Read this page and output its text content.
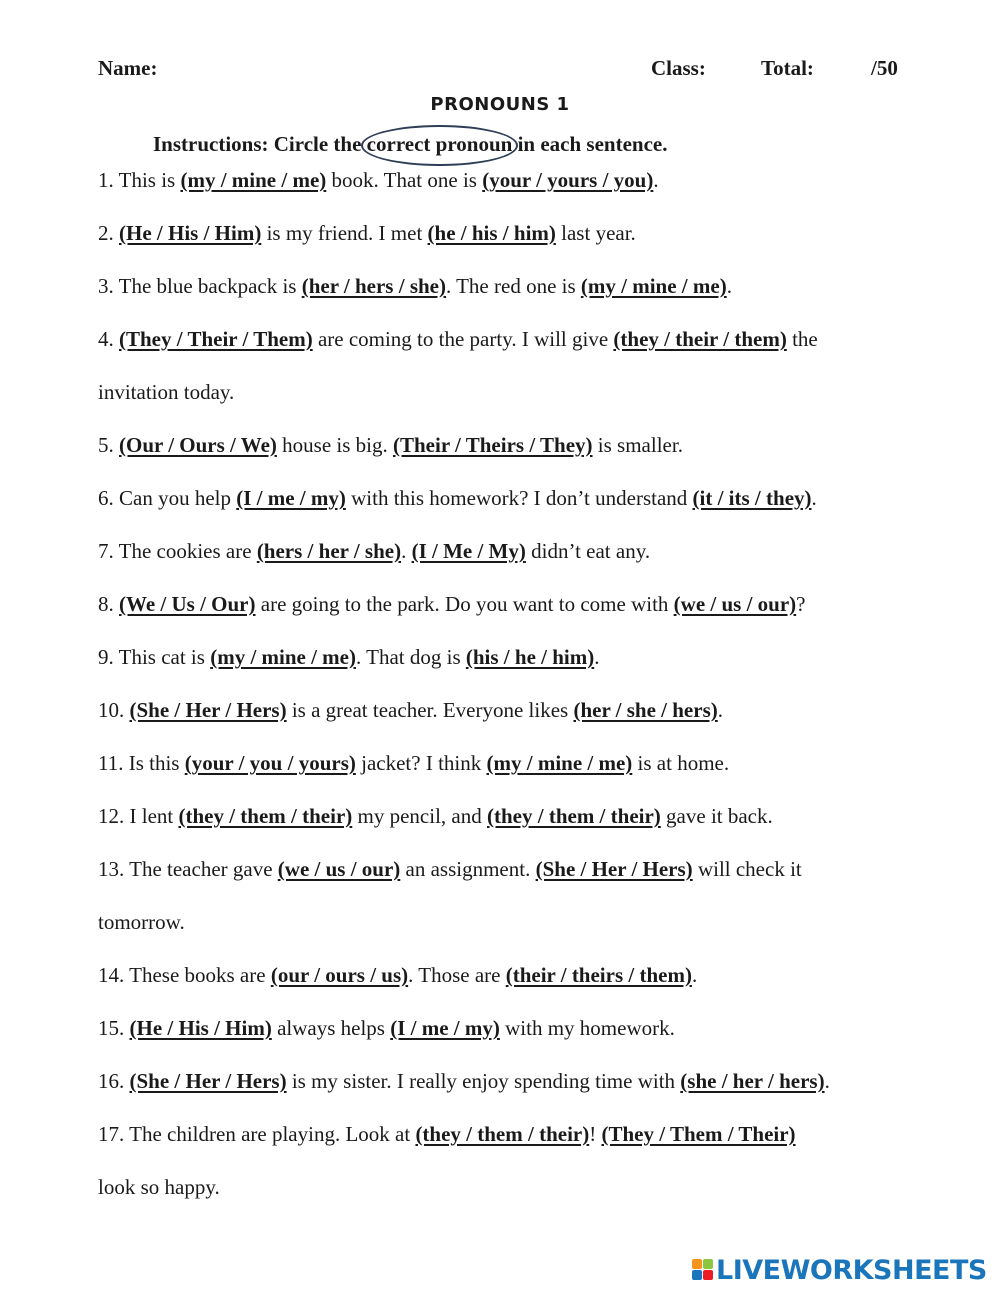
Name:	Class:	Total:	/50
PRONOUNS 1
Instructions: Circle the correct pronoun in each sentence.
1. This is (my / mine / me) book. That one is (your / yours / you).
2. (He / His / Him) is my friend. I met (he / his / him) last year.
3. The blue backpack is (her / hers / she). The red one is (my / mine / me).
4. (They / Their / Them) are coming to the party. I will give (they / their / them) the
invitation today.
5. (Our / Ours / We) house is big. (Their / Theirs / They) is smaller.
6. Can you help (I / me / my) with this homework? I don’t understand (it / its / they).
7. The cookies are (hers / her / she). (I / Me / My) didn’t eat any.
8. (We / Us / Our) are going to the park. Do you want to come with (we / us / our)?
9. This cat is (my / mine / me). That dog is (his / he / him).
10. (She / Her / Hers) is a great teacher. Everyone likes (her / she / hers).
11. Is this (your / you / yours) jacket? I think (my / mine / me) is at home.
12. I lent (they / them / their) my pencil, and (they / them / their) gave it back.
13. The teacher gave (we / us / our) an assignment. (She / Her / Hers) will check it
tomorrow.
14. These books are (our / ours / us). Those are (their / theirs / them).
15. (He / His / Him) always helps (I / me / my) with my homework.
16. (She / Her / Hers) is my sister. I really enjoy spending time with (she / her / hers).
17. The children are playing. Look at (they / them / their)! (They / Them / Their)
look so happy.
LIVEWORKSHEETS
